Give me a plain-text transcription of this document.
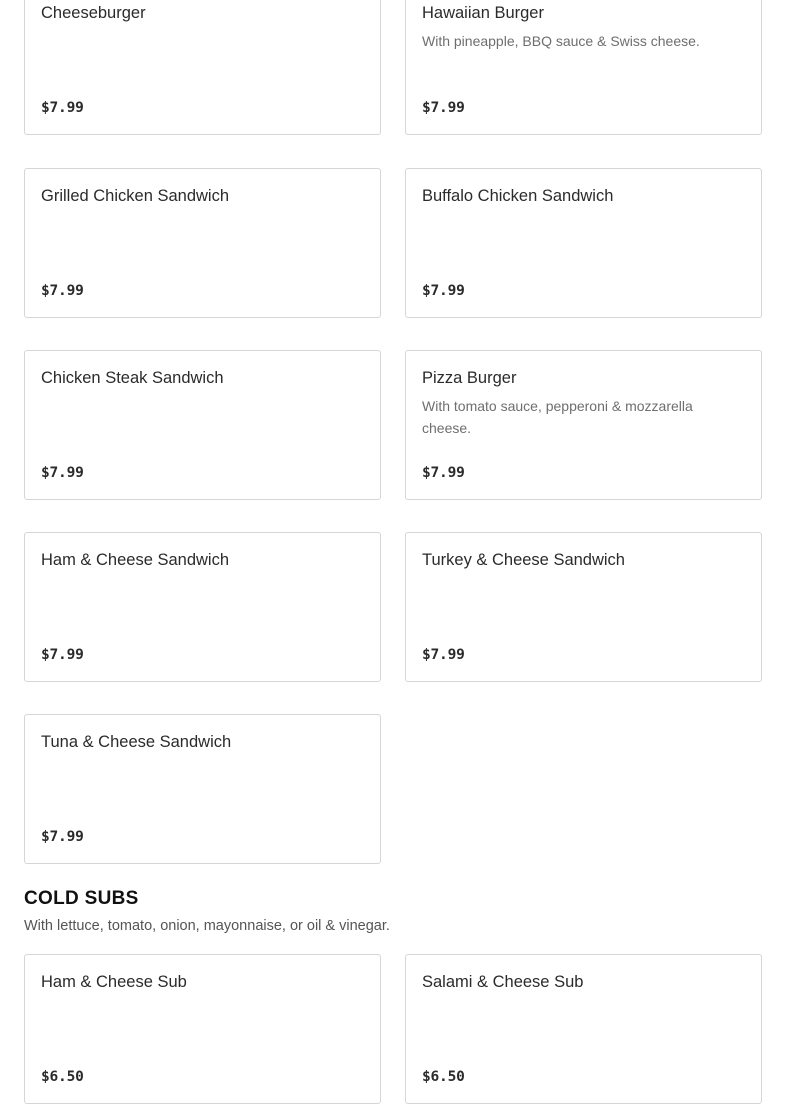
Cheeseburger
$7.99
Hawaiian Burger
With pineapple, BBQ sauce & Swiss cheese.
$7.99
Grilled Chicken Sandwich
$7.99
Buffalo Chicken Sandwich
$7.99
Chicken Steak Sandwich
$7.99
Pizza Burger
With tomato sauce, pepperoni & mozzarella cheese.
$7.99
Ham & Cheese Sandwich
$7.99
Turkey & Cheese Sandwich
$7.99
Tuna & Cheese Sandwich
$7.99
COLD SUBS
With lettuce, tomato, onion, mayonnaise, or oil & vinegar.
Ham & Cheese Sub
$6.50
Salami & Cheese Sub
$6.50
